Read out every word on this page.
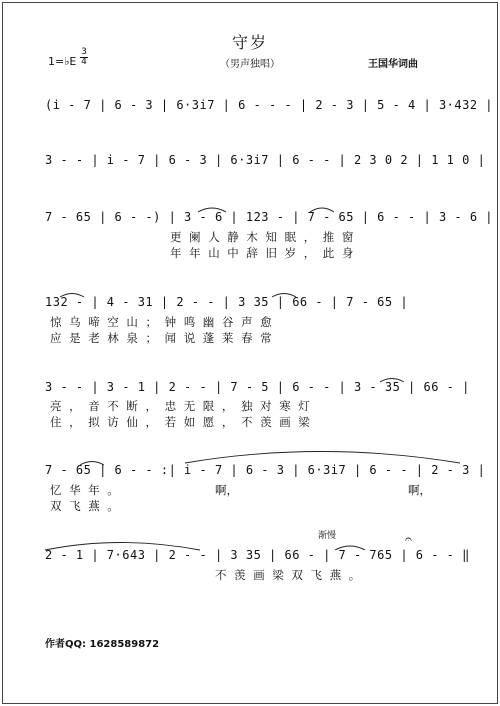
守岁
1=♭E
3
4	（男声独唱）	王国华词曲
(i - 7 | 6 - 3 | 6·3i7 | 6 - - - | 2 - 3 | 5 - 4 | 3·432 |
3 - - | i - 7 | 6 - 3 | 6·3i7 | 6 - - | 2 3 0 2 | 1 1 0 |
7 - 65 | 6 - -) | 3 - 6 | 123 - | 7 - 65 | 6 - - | 3 - 6 |
更阑人静木知眠，推窗
年年山中辞旧岁，此身
132 - | 4 - 31 | 2 - - | 3 35 | 66 - | 7 - 65 |
惊乌啼空山；钟鸣幽谷声愈
应是老林泉；闻说蓬莱春常
3 - - | 3 - 1 | 2 - - | 7 - 5 | 6 - - | 3 - 35 | 66 - |
亮，音不断，忠无限，独对寒灯
住，拟访仙，若如愿，不羡画梁
7 - 65 | 6 - - :| i - 7 | 6 - 3 | 6·3i7 | 6 - - | 2 - 3 |
忆华年。
双飞燕。
啊，	啊，
渐慢	𝄐
2 - 1 | 7·643 | 2 - - | 3 35 | 66 - | 7 - 765 | 6 - - ‖
不羡画梁双飞燕。
作者QQ: 1628589872
